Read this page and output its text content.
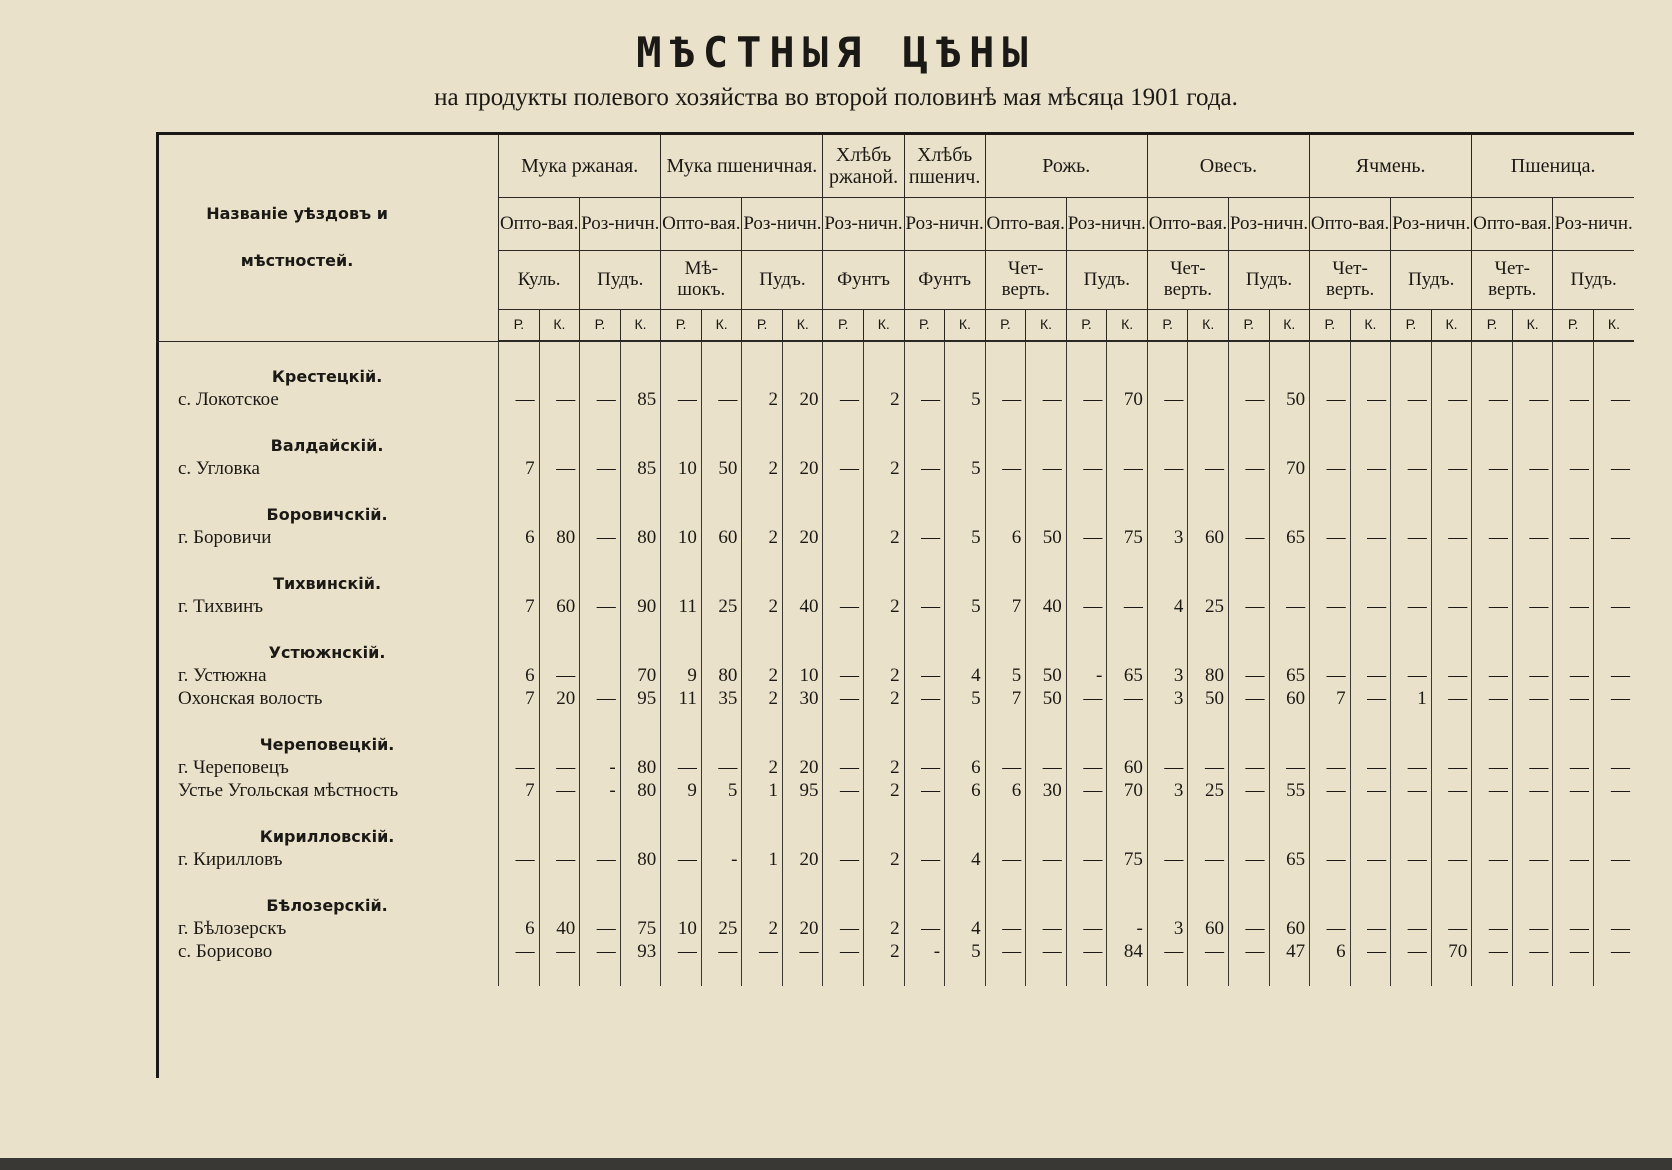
МѢСТНЫЯ ЦѢНЫ

на продукты полевого хозяйства во второй половинѣ мая мѣсяца 1901 года.

Названіе уѣздовъ и мѣстностей.	Мука ржаная.				Мука пшеничная.				Хлѣбъ ржаной.		Хлѣбъ пшенич.		Рожь.				Овесъ.				Ячмень.				Пшеница.			
	Опто-вая.		Роз-ничн.		Опто-вая.		Роз-ничн.		Роз-ничн.		Роз-ничн.		Опто-вая.		Роз-ничн.		Опто-вая.		Роз-ничн.		Опто-вая.		Роз-ничн.		Опто-вая.		Роз-ничн.	
	Куль.		Пудъ.		Мѣ-шокъ.		Пудъ.		Фунтъ		Фунтъ		Чет-верть.		Пудъ.		Чет-верть.		Пудъ.		Чет-верть.		Пудъ.		Чет-верть.		Пудъ.	
	Р.	К.	Р.	К.	Р.	К.	Р.	К.	Р.	К.	Р.	К.	Р.	К.	Р.	К.	Р.	К.	Р.	К.	Р.	К.	Р.	К.	Р.	К.	Р.	К.

Крестецкій.																												
с. Локотское	—	—	—	85	—	—	2	20	—	2	—	5	—	—	—	70	—		—	50	—	—	—	—	—	—	—	—

Валдайскій.																												
с. Угловка	7	—	—	85	10	50	2	20	—	2	—	5	—	—	—	—	—	—	—	70	—	—	—	—	—	—	—	—

Боровичскій.																												
г. Боровичи	6	80	—	80	10	60	2	20		2	—	5	6	50	—	75	3	60	—	65	—	—	—	—	—	—	—	—

Тихвинскій.																												
г. Тихвинъ	7	60	—	90	11	25	2	40	—	2	—	5	7	40	—	—	4	25	—	—	—	—	—	—	—	—	—	—

Устюжнскій.																												
г. Устюжна	6	—		70	9	80	2	10	—	2	—	4	5	50	-	65	3	80	—	65	—	—	—	—	—	—	—	—
Охонская волость	7	20	—	95	11	35	2	30	—	2	—	5	7	50	—	—	3	50	—	60	7	—	1	—	—	—	—	—

Череповецкій.																												
г. Череповецъ	—	—	-	80	—	—	2	20	—	2	—	6	—	—	—	60	—	—	—	—	—	—	—	—	—	—	—	—
Устье Угольская мѣстность	7	—	-	80	9	5	1	95	—	2	—	6	6	30	—	70	3	25	—	55	—	—	—	—	—	—	—	—

Кирилловскій.																												
г. Кирилловъ	—	—	—	80	—	-	1	20	—	2	—	4	—	—	—	75	—	—	—	65	—	—	—	—	—	—	—	—

Бѣлозерскій.																												
г. Бѣлозерскъ	6	40	—	75	10	25	2	20	—	2	—	4	—	—	—	-	3	60	—	60	—	—	—	—	—	—	—	—
с. Борисово	—	—	—	93	—	—	—	—	—	2	-	5	—	—	—	84	—	—	—	47	6	—	—	70	—	—	—	—
